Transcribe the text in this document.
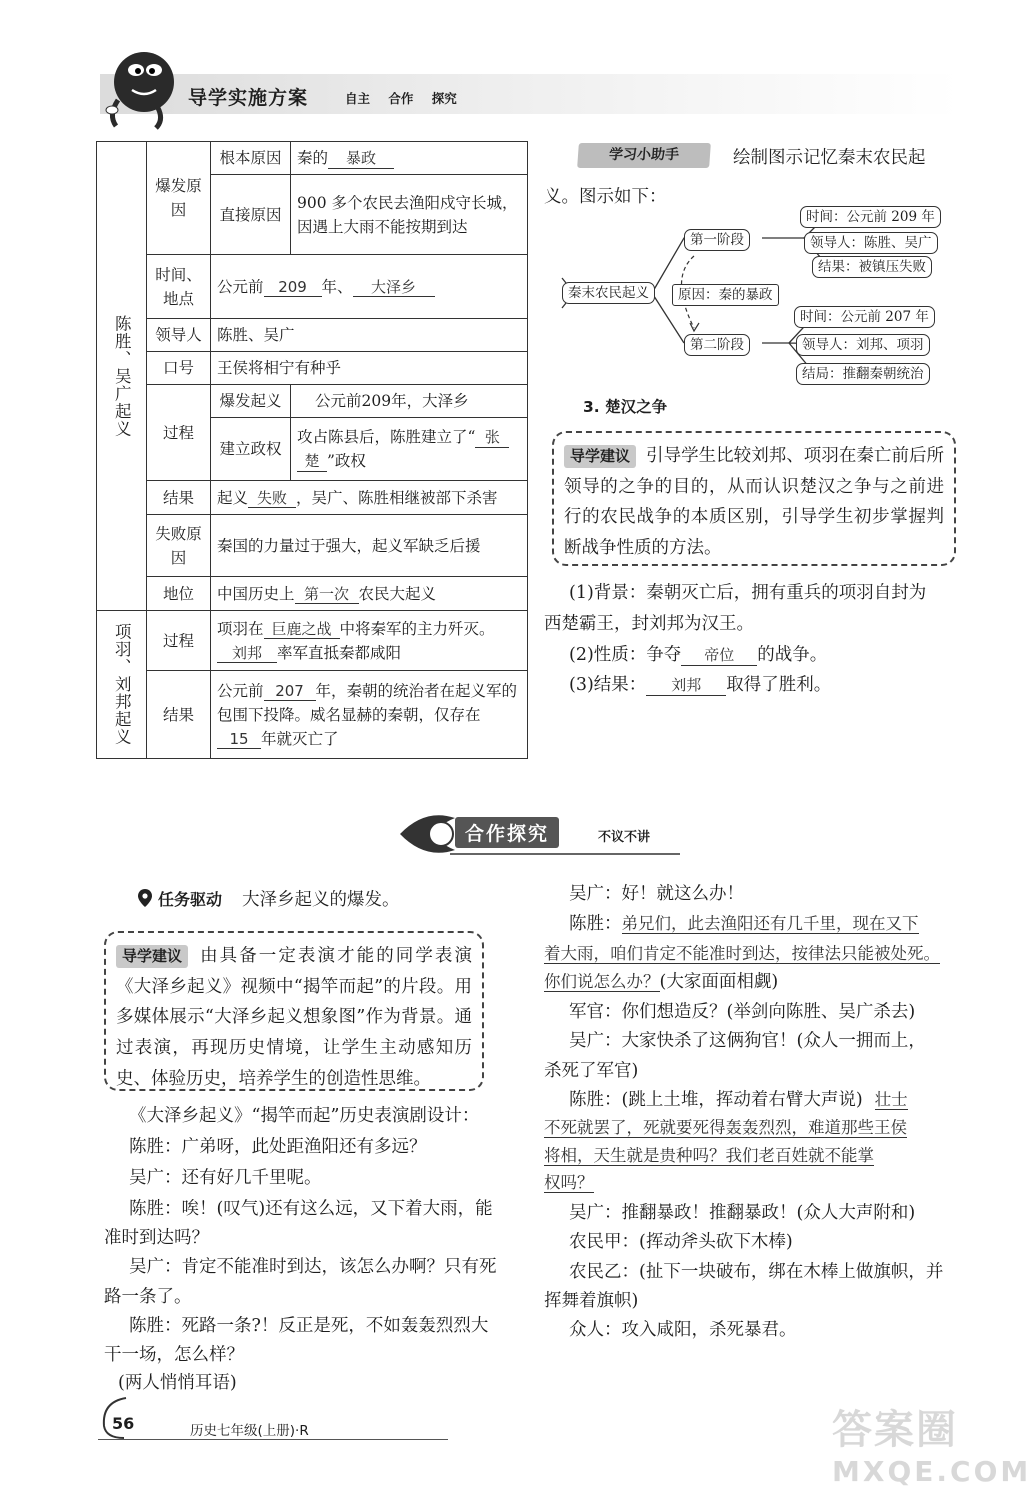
导学实施方案	自主 合作 探究
陈胜、吴广起义	爆发原因	根本原因	秦的 暴政
		直接原因	900 多个农民去渔阳戍守长城，因遇上大雨不能按期到达
	时间、地点	公元前 209 年、 大泽乡	
	领导人	陈胜、吴广	
	口号	王侯将相宁有种乎	
	过程	爆发起义	公元前209年，大泽乡
		建立政权	攻占陈县后，陈胜建立了“ 张
楚 ”政权
	结果	起义 失败 ，吴广、陈胜相继被部下杀害	
	失败原因	秦国的力量过于强大，起义军缺乏后援	
	地位	中国历史上 第一次 农民大起义	

项羽、刘邦起义	过程	项羽在 巨鹿之战 中将秦军的主力歼灭。刘邦 率军直抵秦都咸阳	
	结果	公元前 207 年，秦朝的统治者在起义军的包围下投降。威名显赫的秦朝，仅存在15 年就灭亡了	
学习小助手	绘制图示记忆秦末农民起
义。图示如下：
秦末农民起义
第一阶段
原因：秦的暴政
第二阶段
时间：公元前 209 年
领导人：陈胜、吴广
结果：被镇压失败
时间：公元前 207 年
领导人：刘邦、项羽
结局：推翻秦朝统治
3. 楚汉之争
导学建议 引导学生比较刘邦、项羽在秦亡前后所领导的之争的目的，从而认识楚汉之争与之前进行的农民战争的本质区别，引导学生初步掌握判断战争性质的方法。
(1)背景：秦朝灭亡后，拥有重兵的项羽自封为
西楚霸王，封刘邦为汉王。
(2)性质：争夺 帝位 的战争。
(3)结果： 刘邦 取得了胜利。
合作探究	不议不讲
任务驱动 大泽乡起义的爆发。
导学建议 由具备一定表演才能的同学表演《大泽乡起义》视频中“揭竿而起”的片段。用多媒体展示“大泽乡起义想象图”作为背景。通过表演，再现历史情境，让学生主动感知历史、体验历史，培养学生的创造性思维。
《大泽乡起义》“揭竿而起”历史表演剧设计：
陈胜：广弟呀，此处距渔阳还有多远？
吴广：还有好几千里呢。
陈胜：唉！(叹气)还有这么远，又下着大雨，能
准时到达吗？
吴广：肯定不能准时到达，该怎么办啊？只有死
路一条了。
陈胜：死路一条?！反正是死，不如轰轰烈烈大
干一场，怎么样？
(两人悄悄耳语)
吴广：好！就这么办！
陈胜：弟兄们，此去渔阳还有几千里，现在又下
着大雨，咱们肯定不能准时到达，按律法只能被处死。
你们说怎么办？(大家面面相觑)
军官：你们想造反？(举剑向陈胜、吴广杀去)
吴广：大家快杀了这俩狗官！(众人一拥而上，
杀死了军官)
陈胜：(跳上土堆，挥动着右臂大声说) 壮士
不死就罢了，死就要死得轰轰烈烈，难道那些王侯
将相，天生就是贵种吗？我们老百姓就不能掌
权吗？
吴广：推翻暴政！推翻暴政！(众人大声附和)
农民甲：(挥动斧头砍下木棒)
农民乙：(扯下一块破布，绑在木棒上做旗帜，并
挥舞着旗帜)
众人：攻入咸阳，杀死暴君。
56	历史七年级(上册)·R	答案圈
MXQE.COM
